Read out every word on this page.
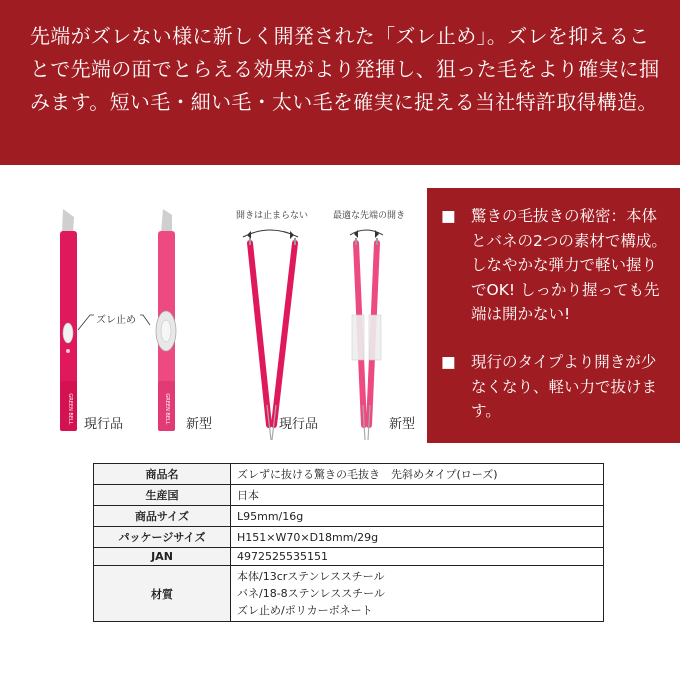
先端がズレない様に新しく開発された「ズレ止め」。ズレを抑えることで先端の面でとらえる効果がより発揮し、狙った毛をより確実に掴みます。短い毛・細い毛・太い毛を確実に捉える当社特許取得構造。

GREEN BELL	GREEN BELL
現行品	新型	現行品	新型
ズレ止め
開きは止まらない	最適な先端の開き ■ 驚きの毛抜きの秘密：本体とバネの2つの素材で構成。しなやかな弾力で軽い握りでOK! しっかり握っても先端は開かない!
■ 現行のタイプより開きが少なくなり、軽い力で抜けます。
商品名	ズレずに抜ける驚きの毛抜き　先斜めタイプ(ローズ)
生産国	日本
商品サイズ	L95mm/16g
パッケージサイズ	H151×W70×D18mm/29g
JAN	4972525535151
材質	本体/13crステンレススチール
バネ/18-8ステンレススチール
ズレ止め/ポリカーボネート
